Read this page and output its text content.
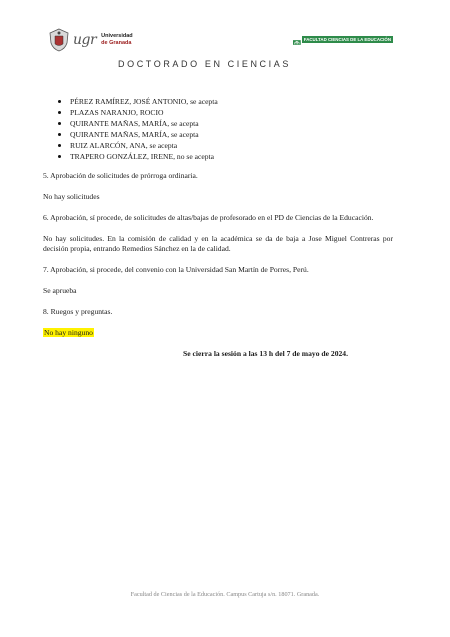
ugr Universidad
de Granada
FACULTAD CIENCIAS DE LA EDUCACIÓN
DOCTORADO EN CIENCIAS
PÉREZ RAMÍREZ, JOSÉ ANTONIO, se acepta
PLAZAS NARANJO, ROCIO
QUIRANTE MAÑAS, MARÍA, se acepta
QUIRANTE MAÑAS, MARÍA, se acepta
RUIZ ALARCÓN, ANA, se acepta
TRAPERO GONZÁLEZ, IRENE, no se acepta

5. Aprobación de solicitudes de prórroga ordinaria.

No hay solicitudes

6. Aprobación, sí procede, de solicitudes de altas/bajas de profesorado en el PD de Ciencias de la Educación.

No hay solicitudes. En la comisión de calidad y en la académica se da de baja a Jose Miguel Contreras por decisión propia, entrando Remedios Sánchez en la de calidad.

7. Aprobación, si procede, del convenio con la Universidad San Martín de Porres, Perú.

Se aprueba

8. Ruegos y preguntas.

No hay ninguno

Se cierra la sesión a las 13 h del 7 de mayo de 2024.

Facultad de Ciencias de la Educación. Campus Cartuja s/n. 18071. Granada.
